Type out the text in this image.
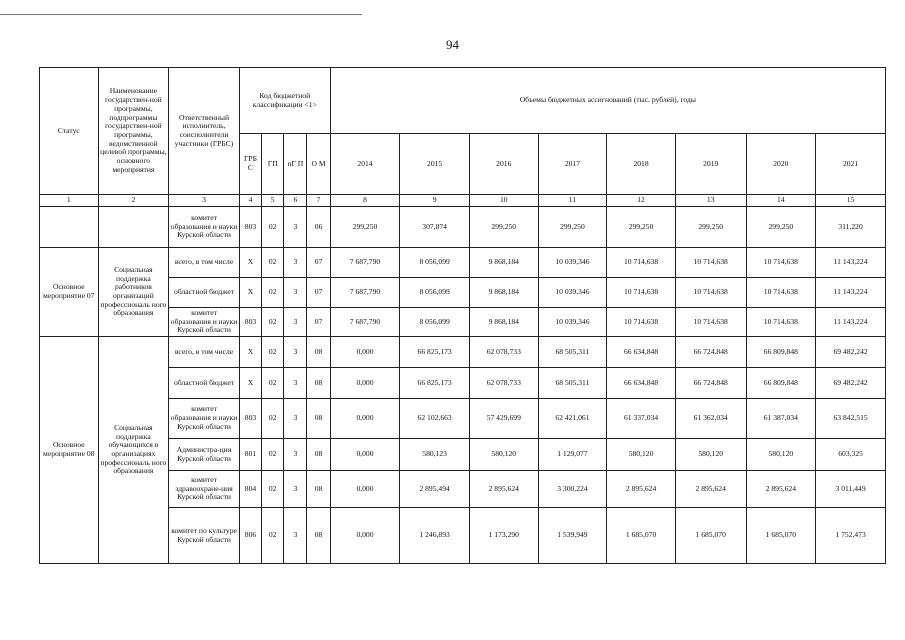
94
Статус	Наименование государствен-ной программы, подпрограммы государствен-ной программы, ведомственной целевой программы, основного мероприятия	Ответственный исполнитель, соисполнители участники (ГРБС)	Код бюджетной классификации <1>				Объемы бюджетных ассигнований (тыс. рублей), годы							
			ГРБ С	ГП	пГ П	О М	2014	2015	2016	2017	2018	2019	2020	2021
1	2	3	4	5	6	7	8	9	10	11	12	13	14	15
		комитет образования и науки Курской области	803	02	3	06	299,250	307,874	299,250	299,250	299,250	299,250	299,250	311,220
Основное мероприятие 07	Социальная поддержка работников организаций профессиональ ного образования	всего, в том числе	Х	02	3	07	7 687,790	8 056,099	9 868,184	10 039,346	10 714,638	10 714,638	10 714,638	11 143,224
		областной бюджет	Х	02	3	07	7 687,790	8 056,099	9 868,184	10 039,346	10 714,638	10 714,638	10 714,638	11 143,224
		комитет образования и науки Курской области	803	02	3	07	7 687,790	8 056,099	9 868,184	10 039,346	10 714,638	10 714,638	10 714,638	11 143,224
Основное мероприятие 08	Социальная поддержка обучающихся в организациях профессиональ ного образования	всего, в том числе	Х	02	3	08	0,000	66 825,173	62 078,733	68 505,311	66 634,848	66 724,848	66 809,848	69 482,242
		областной бюджет	Х	02	3	08	0,000	66 825,173	62 078,733	68 505,311	66 634,848	66 724,848	66 809,848	69 482,242
		комитет образования и науки Курской области	803	02	3	08	0,000	62 102,663	57 429,699	62 421,061	61 337,034	61 362,034	61 387,034	63 842,515
		Администра-ция Курской области	801	02	3	08	0,000	580,123	580,120	1 129,077	580,120	580,120	580,120	603,325
		комитет здравоохране-ния Курской области	804	02	3	08	0,000	2 895,494	2 895,624	3 300,224	2 895,624	2 895,624	2 895,624	3 011,449
		комитет по культуре Курской области	806	02	3	08	0,000	1 246,893	1 173,290	1 539,949	1 685,070	1 685,070	1 685,070	1 752,473
